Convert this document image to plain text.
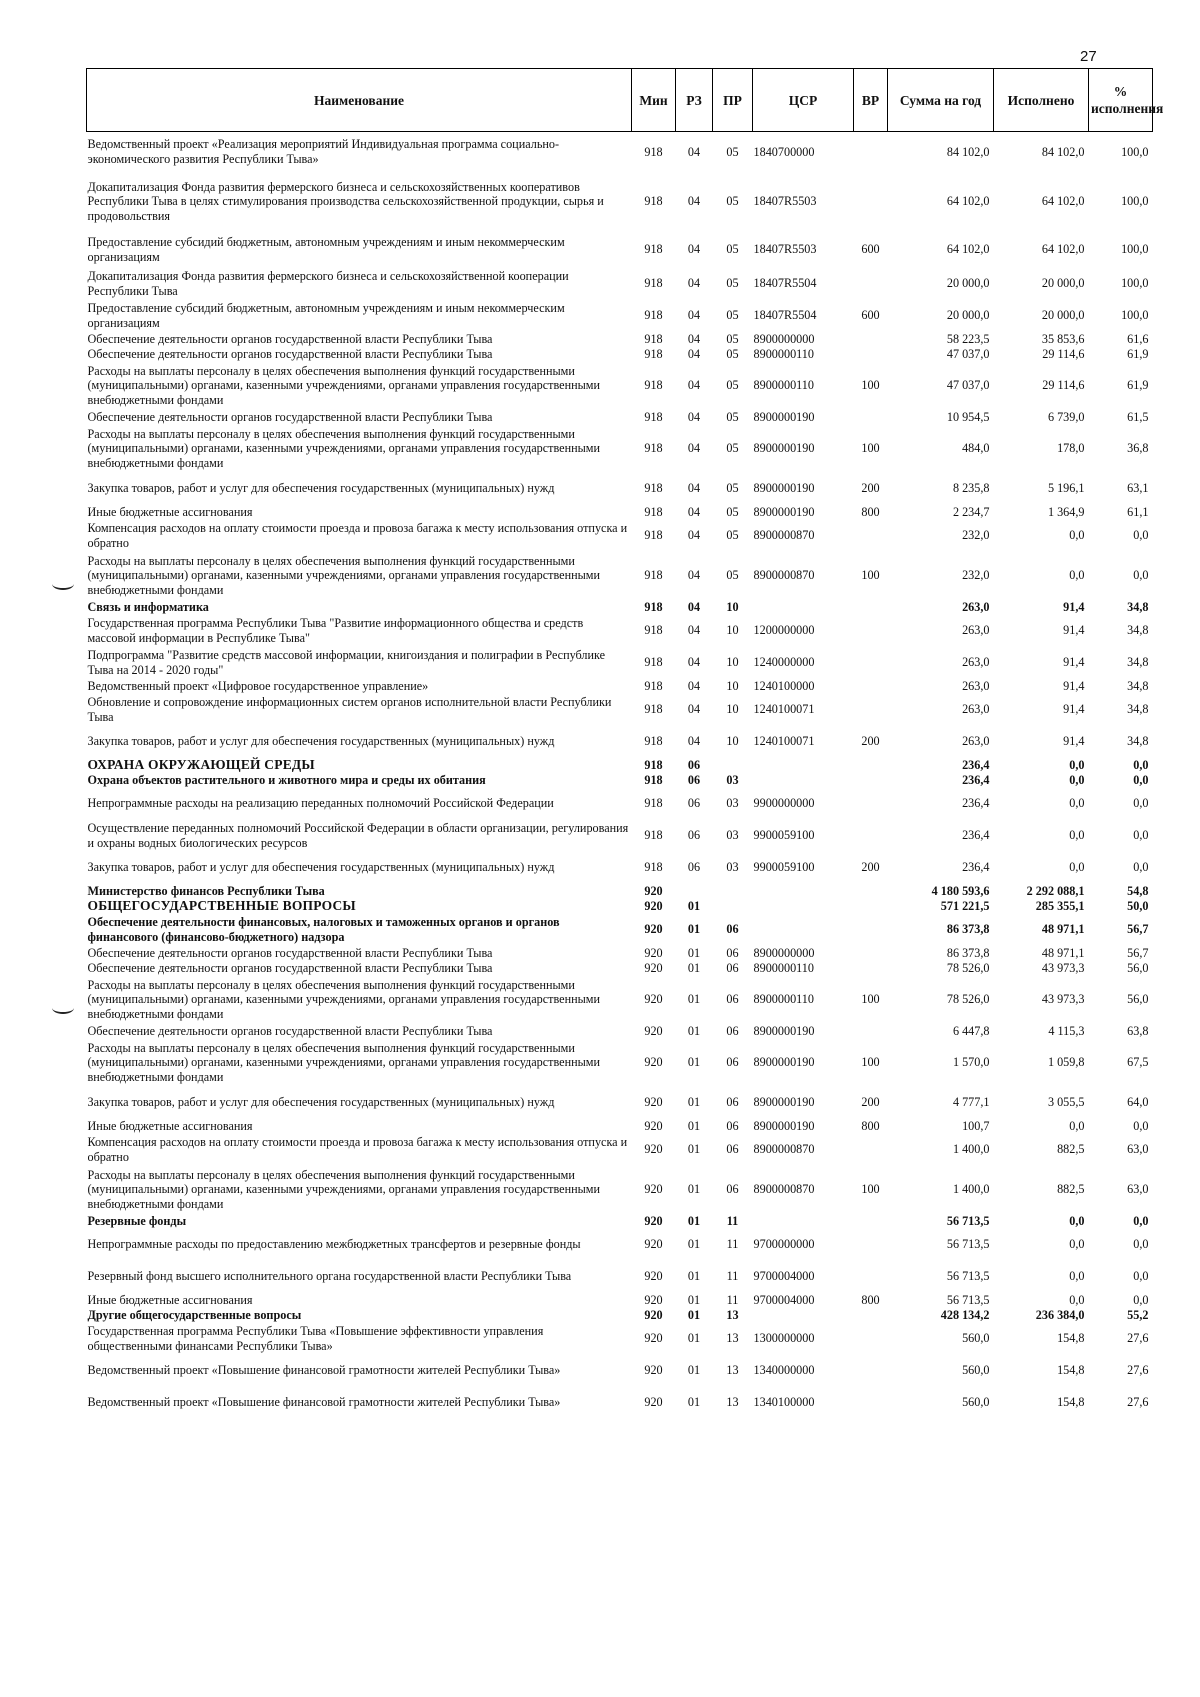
27
Наименование	Мин	РЗ	ПР	ЦСР	ВР	Сумма на год	Исполнено	% исполнения
Ведомственный проект «Реализация мероприятий Индивидуальная программа социально-экономического развития Республики Тыва»	918	04	05	1840700000		84 102,0	84 102,0	100,0
Докапитализация Фонда развития фермерского бизнеса и сельскохозяйственных кооперативов Республики Тыва в целях стимулирования производства сельскохозяйственной продукции, сырья и продовольствия	918	04	05	18407R5503		64 102,0	64 102,0	100,0
Предоставление субсидий бюджетным, автономным учреждениям и иным некоммерческим организациям	918	04	05	18407R5503	600	64 102,0	64 102,0	100,0
Докапитализация Фонда развития фермерского бизнеса и сельскохозяйственной кооперации Республики Тыва	918	04	05	18407R5504		20 000,0	20 000,0	100,0
Предоставление субсидий бюджетным, автономным учреждениям и иным некоммерческим организациям	918	04	05	18407R5504	600	20 000,0	20 000,0	100,0
Обеспечение деятельности органов государственной власти Республики Тыва	918	04	05	8900000000		58 223,5	35 853,6	61,6
Обеспечение деятельности органов государственной власти Республики Тыва	918	04	05	8900000110		47 037,0	29 114,6	61,9
Расходы на выплаты персоналу в целях обеспечения выполнения функций государственными (муниципальными) органами, казенными учреждениями, органами управления государственными внебюджетными фондами	918	04	05	8900000110	100	47 037,0	29 114,6	61,9
Обеспечение деятельности органов государственной власти Республики Тыва	918	04	05	8900000190		10 954,5	6 739,0	61,5
Расходы на выплаты персоналу в целях обеспечения выполнения функций государственными (муниципальными) органами, казенными учреждениями, органами управления государственными внебюджетными фондами	918	04	05	8900000190	100	484,0	178,0	36,8
Закупка товаров, работ и услуг для обеспечения государственных (муниципальных) нужд	918	04	05	8900000190	200	8 235,8	5 196,1	63,1
Иные бюджетные ассигнования	918	04	05	8900000190	800	2 234,7	1 364,9	61,1
Компенсация расходов на оплату стоимости проезда и провоза багажа к месту использования отпуска и обратно	918	04	05	8900000870		232,0	0,0	0,0
Расходы на выплаты персоналу в целях обеспечения выполнения функций государственными (муниципальными) органами, казенными учреждениями, органами управления государственными внебюджетными фондами	918	04	05	8900000870	100	232,0	0,0	0,0
Связь и информатика	918	04	10			263,0	91,4	34,8
Государственная программа Республики Тыва "Развитие информационного общества и средств массовой информации в Республике Тыва"	918	04	10	1200000000		263,0	91,4	34,8
Подпрограмма "Развитие средств массовой информации, книгоиздания и полиграфии в Республике Тыва на 2014 - 2020 годы"	918	04	10	1240000000		263,0	91,4	34,8
Ведомственный проект «Цифровое государственное управление»	918	04	10	1240100000		263,0	91,4	34,8
Обновление и сопровождение информационных систем органов исполнительной власти Республики Тыва	918	04	10	1240100071		263,0	91,4	34,8
Закупка товаров, работ и услуг для обеспечения государственных (муниципальных) нужд	918	04	10	1240100071	200	263,0	91,4	34,8
ОХРАНА ОКРУЖАЮЩЕЙ СРЕДЫ	918	06				236,4	0,0	0,0
Охрана объектов растительного и животного мира и среды их обитания	918	06	03			236,4	0,0	0,0
Непрограммные расходы на реализацию переданных полномочий Российской Федерации	918	06	03	9900000000		236,4	0,0	0,0
Осуществление переданных полномочий Российской Федерации в области организации, регулирования и охраны водных биологических ресурсов	918	06	03	9900059100		236,4	0,0	0,0
Закупка товаров, работ и услуг для обеспечения государственных (муниципальных) нужд	918	06	03	9900059100	200	236,4	0,0	0,0
Министерство финансов Республики Тыва	920					4 180 593,6	2 292 088,1	54,8
ОБЩЕГОСУДАРСТВЕННЫЕ ВОПРОСЫ	920	01				571 221,5	285 355,1	50,0
Обеспечение деятельности финансовых, налоговых и таможенных органов и органов финансового (финансово-бюджетного) надзора	920	01	06			86 373,8	48 971,1	56,7
Обеспечение деятельности органов государственной власти Республики Тыва	920	01	06	8900000000		86 373,8	48 971,1	56,7
Обеспечение деятельности органов государственной власти Республики Тыва	920	01	06	8900000110		78 526,0	43 973,3	56,0
Расходы на выплаты персоналу в целях обеспечения выполнения функций государственными (муниципальными) органами, казенными учреждениями, органами управления государственными внебюджетными фондами	920	01	06	8900000110	100	78 526,0	43 973,3	56,0
Обеспечение деятельности органов государственной власти Республики Тыва	920	01	06	8900000190		6 447,8	4 115,3	63,8
Расходы на выплаты персоналу в целях обеспечения выполнения функций государственными (муниципальными) органами, казенными учреждениями, органами управления государственными внебюджетными фондами	920	01	06	8900000190	100	1 570,0	1 059,8	67,5
Закупка товаров, работ и услуг для обеспечения государственных (муниципальных) нужд	920	01	06	8900000190	200	4 777,1	3 055,5	64,0
Иные бюджетные ассигнования	920	01	06	8900000190	800	100,7	0,0	0,0
Компенсация расходов на оплату стоимости проезда и провоза багажа к месту использования отпуска и обратно	920	01	06	8900000870		1 400,0	882,5	63,0
Расходы на выплаты персоналу в целях обеспечения выполнения функций государственными (муниципальными) органами, казенными учреждениями, органами управления государственными внебюджетными фондами	920	01	06	8900000870	100	1 400,0	882,5	63,0
Резервные фонды	920	01	11			56 713,5	0,0	0,0
Непрограммные расходы по предоставлению межбюджетных трансфертов и резервные фонды	920	01	11	9700000000		56 713,5	0,0	0,0
Резервный фонд высшего исполнительного органа государственной власти Республики Тыва	920	01	11	9700004000		56 713,5	0,0	0,0
Иные бюджетные ассигнования	920	01	11	9700004000	800	56 713,5	0,0	0,0
Другие общегосударственные вопросы	920	01	13			428 134,2	236 384,0	55,2
Государственная программа Республики Тыва «Повышение эффективности управления общественными финансами Республики Тыва»	920	01	13	1300000000		560,0	154,8	27,6
Ведомственный проект «Повышение финансовой грамотности жителей Республики Тыва»	920	01	13	1340000000		560,0	154,8	27,6
Ведомственный проект «Повышение финансовой грамотности жителей Республики Тыва»	920	01	13	1340100000		560,0	154,8	27,6
